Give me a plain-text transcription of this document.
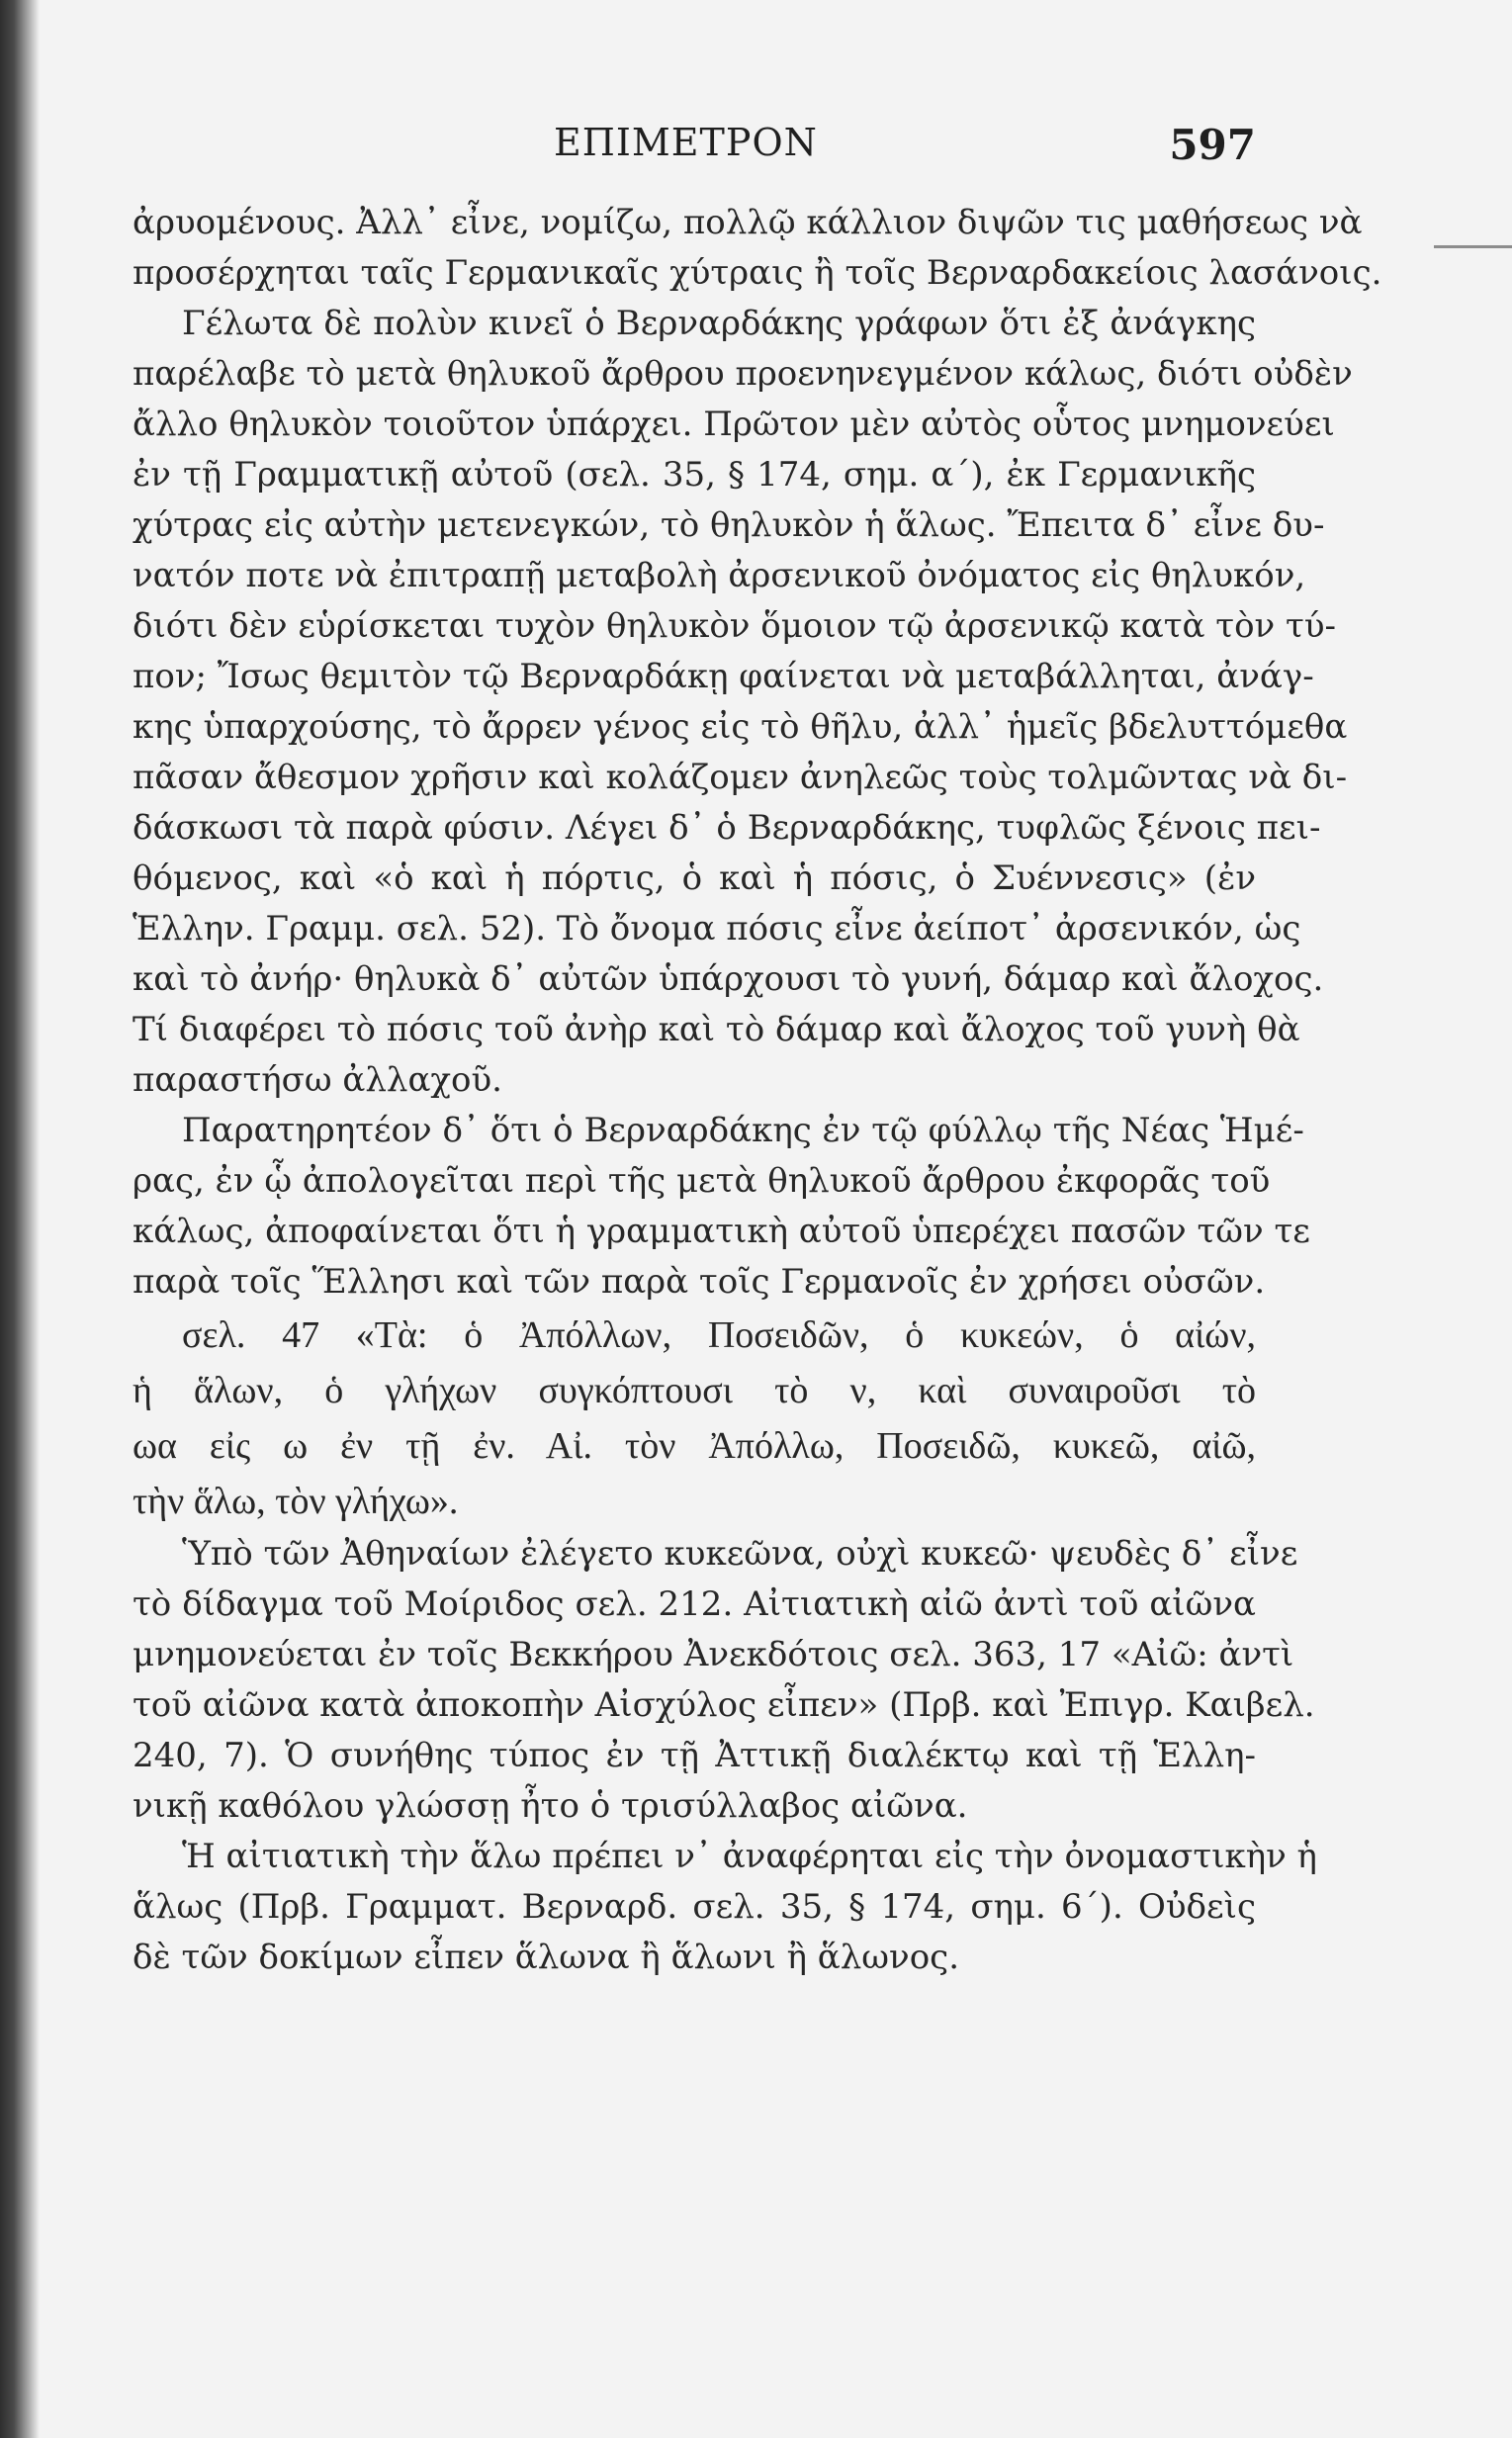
ΕΠΙΜΕΤΡΟΝ	597
ἀρυομένους. Ἀλλ᾽ εἶνε, νομίζω, πολλῷ κάλλιον διψῶν τις μαθήσεως νὰ
προσέρχηται ταῖς Γερμανικαῖς χύτραις ἢ τοῖς Βερναρδακείοις λασάνοις.
Γέλωτα δὲ πολὺν κινεῖ ὁ Βερναρδάκης γράφων ὅτι ἐξ ἀνάγκης
παρέλαβε τὸ μετὰ θηλυκοῦ ἄρθρου προενηνεγμένον κάλως, διότι οὐδὲν
ἄλλο θηλυκὸν τοιοῦτον ὑπάρχει. Πρῶτον μὲν αὐτὸς οὗτος μνημονεύει
ἐν τῇ Γραμματικῇ αὐτοῦ (σελ. 35, § 174, σημ. α΄), ἐκ Γερμανικῆς
χύτρας εἰς αὐτὴν μετενεγκών, τὸ θηλυκὸν ἡ ἅλως. Ἔπειτα δ᾽ εἶνε δυ-
νατόν ποτε νὰ ἐπιτραπῇ μεταβολὴ ἀρσενικοῦ ὀνόματος εἰς θηλυκόν,
διότι δὲν εὑρίσκεται τυχὸν θηλυκὸν ὅμοιον τῷ ἀρσενικῷ κατὰ τὸν τύ-
πον; Ἴσως θεμιτὸν τῷ Βερναρδάκῃ φαίνεται νὰ μεταβάλληται, ἀνάγ-
κης ὑπαρχούσης, τὸ ἄρρεν γένος εἰς τὸ θῆλυ, ἀλλ᾽ ἡμεῖς βδελυττόμεθα
πᾶσαν ἄθεσμον χρῆσιν καὶ κολάζομεν ἀνηλεῶς τοὺς τολμῶντας νὰ δι-
δάσκωσι τὰ παρὰ φύσιν. Λέγει δ᾽ ὁ Βερναρδάκης, τυφλῶς ξένοις πει-
θόμενος, καὶ «ὁ καὶ ἡ πόρτις, ὁ καὶ ἡ πόσις, ὁ Συέννεσις» (ἐν
Ἑλλην. Γραμμ. σελ. 52). Τὸ ὄνομα πόσις εἶνε ἀείποτ᾽ ἀρσενικόν, ὡς
καὶ τὸ ἀνήρ· θηλυκὰ δ᾽ αὐτῶν ὑπάρχουσι τὸ γυνή, δάμαρ καὶ ἄλοχος.
Τί διαφέρει τὸ πόσις τοῦ ἀνὴρ καὶ τὸ δάμαρ καὶ ἄλοχος τοῦ γυνὴ θὰ
παραστήσω ἀλλαχοῦ.
Παρατηρητέον δ᾽ ὅτι ὁ Βερναρδάκης ἐν τῷ φύλλῳ τῆς Νέας Ἡμέ-
ρας, ἐν ᾧ ἀπολογεῖται περὶ τῆς μετὰ θηλυκοῦ ἄρθρου ἐκφορᾶς τοῦ
κάλως, ἀποφαίνεται ὅτι ἡ γραμματικὴ αὐτοῦ ὑπερέχει πασῶν τῶν τε
παρὰ τοῖς Ἕλλησι καὶ τῶν παρὰ τοῖς Γερμανοῖς ἐν χρήσει οὐσῶν.
σελ. 47 «Τὰ: ὁ Ἀπόλλων, Ποσειδῶν, ὁ κυκεών, ὁ αἰών,
ἡ ἅλων, ὁ γλήχων συγκόπτουσι τὸ ν, καὶ συναιροῦσι τὸ
ωα εἰς ω ἐν τῇ ἐν. Αἰ. τὸν Ἀπόλλω, Ποσειδῶ, κυκεῶ, αἰῶ,
τὴν ἅλω, τὸν γλήχω».
Ὑπὸ τῶν Ἀθηναίων ἐλέγετο κυκεῶνα, οὐχὶ κυκεῶ· ψευδὲς δ᾽ εἶνε
τὸ δίδαγμα τοῦ Μοίριδος σελ. 212. Αἰτιατικὴ αἰῶ ἀντὶ τοῦ αἰῶνα
μνημονεύεται ἐν τοῖς Βεκκήρου Ἀνεκδότοις σελ. 363, 17 «Αἰῶ: ἀντὶ
τοῦ αἰῶνα κατὰ ἀποκοπὴν Αἰσχύλος εἶπεν» (Πρβ. καὶ Ἐπιγρ. Καιβελ.
240, 7). Ὁ συνήθης τύπος ἐν τῇ Ἀττικῇ διαλέκτῳ καὶ τῇ Ἑλλη-
νικῇ καθόλου γλώσσῃ ἦτο ὁ τρισύλλαβος αἰῶνα.
Ἡ αἰτιατικὴ τὴν ἅλω πρέπει ν᾽ ἀναφέρηται εἰς τὴν ὀνομαστικὴν ἡ
ἅλως (Πρβ. Γραμματ. Βερναρδ. σελ. 35, § 174, σημ. 6΄). Οὐδεὶς
δὲ τῶν δοκίμων εἶπεν ἅλωνα ἢ ἅλωνι ἢ ἅλωνος.
